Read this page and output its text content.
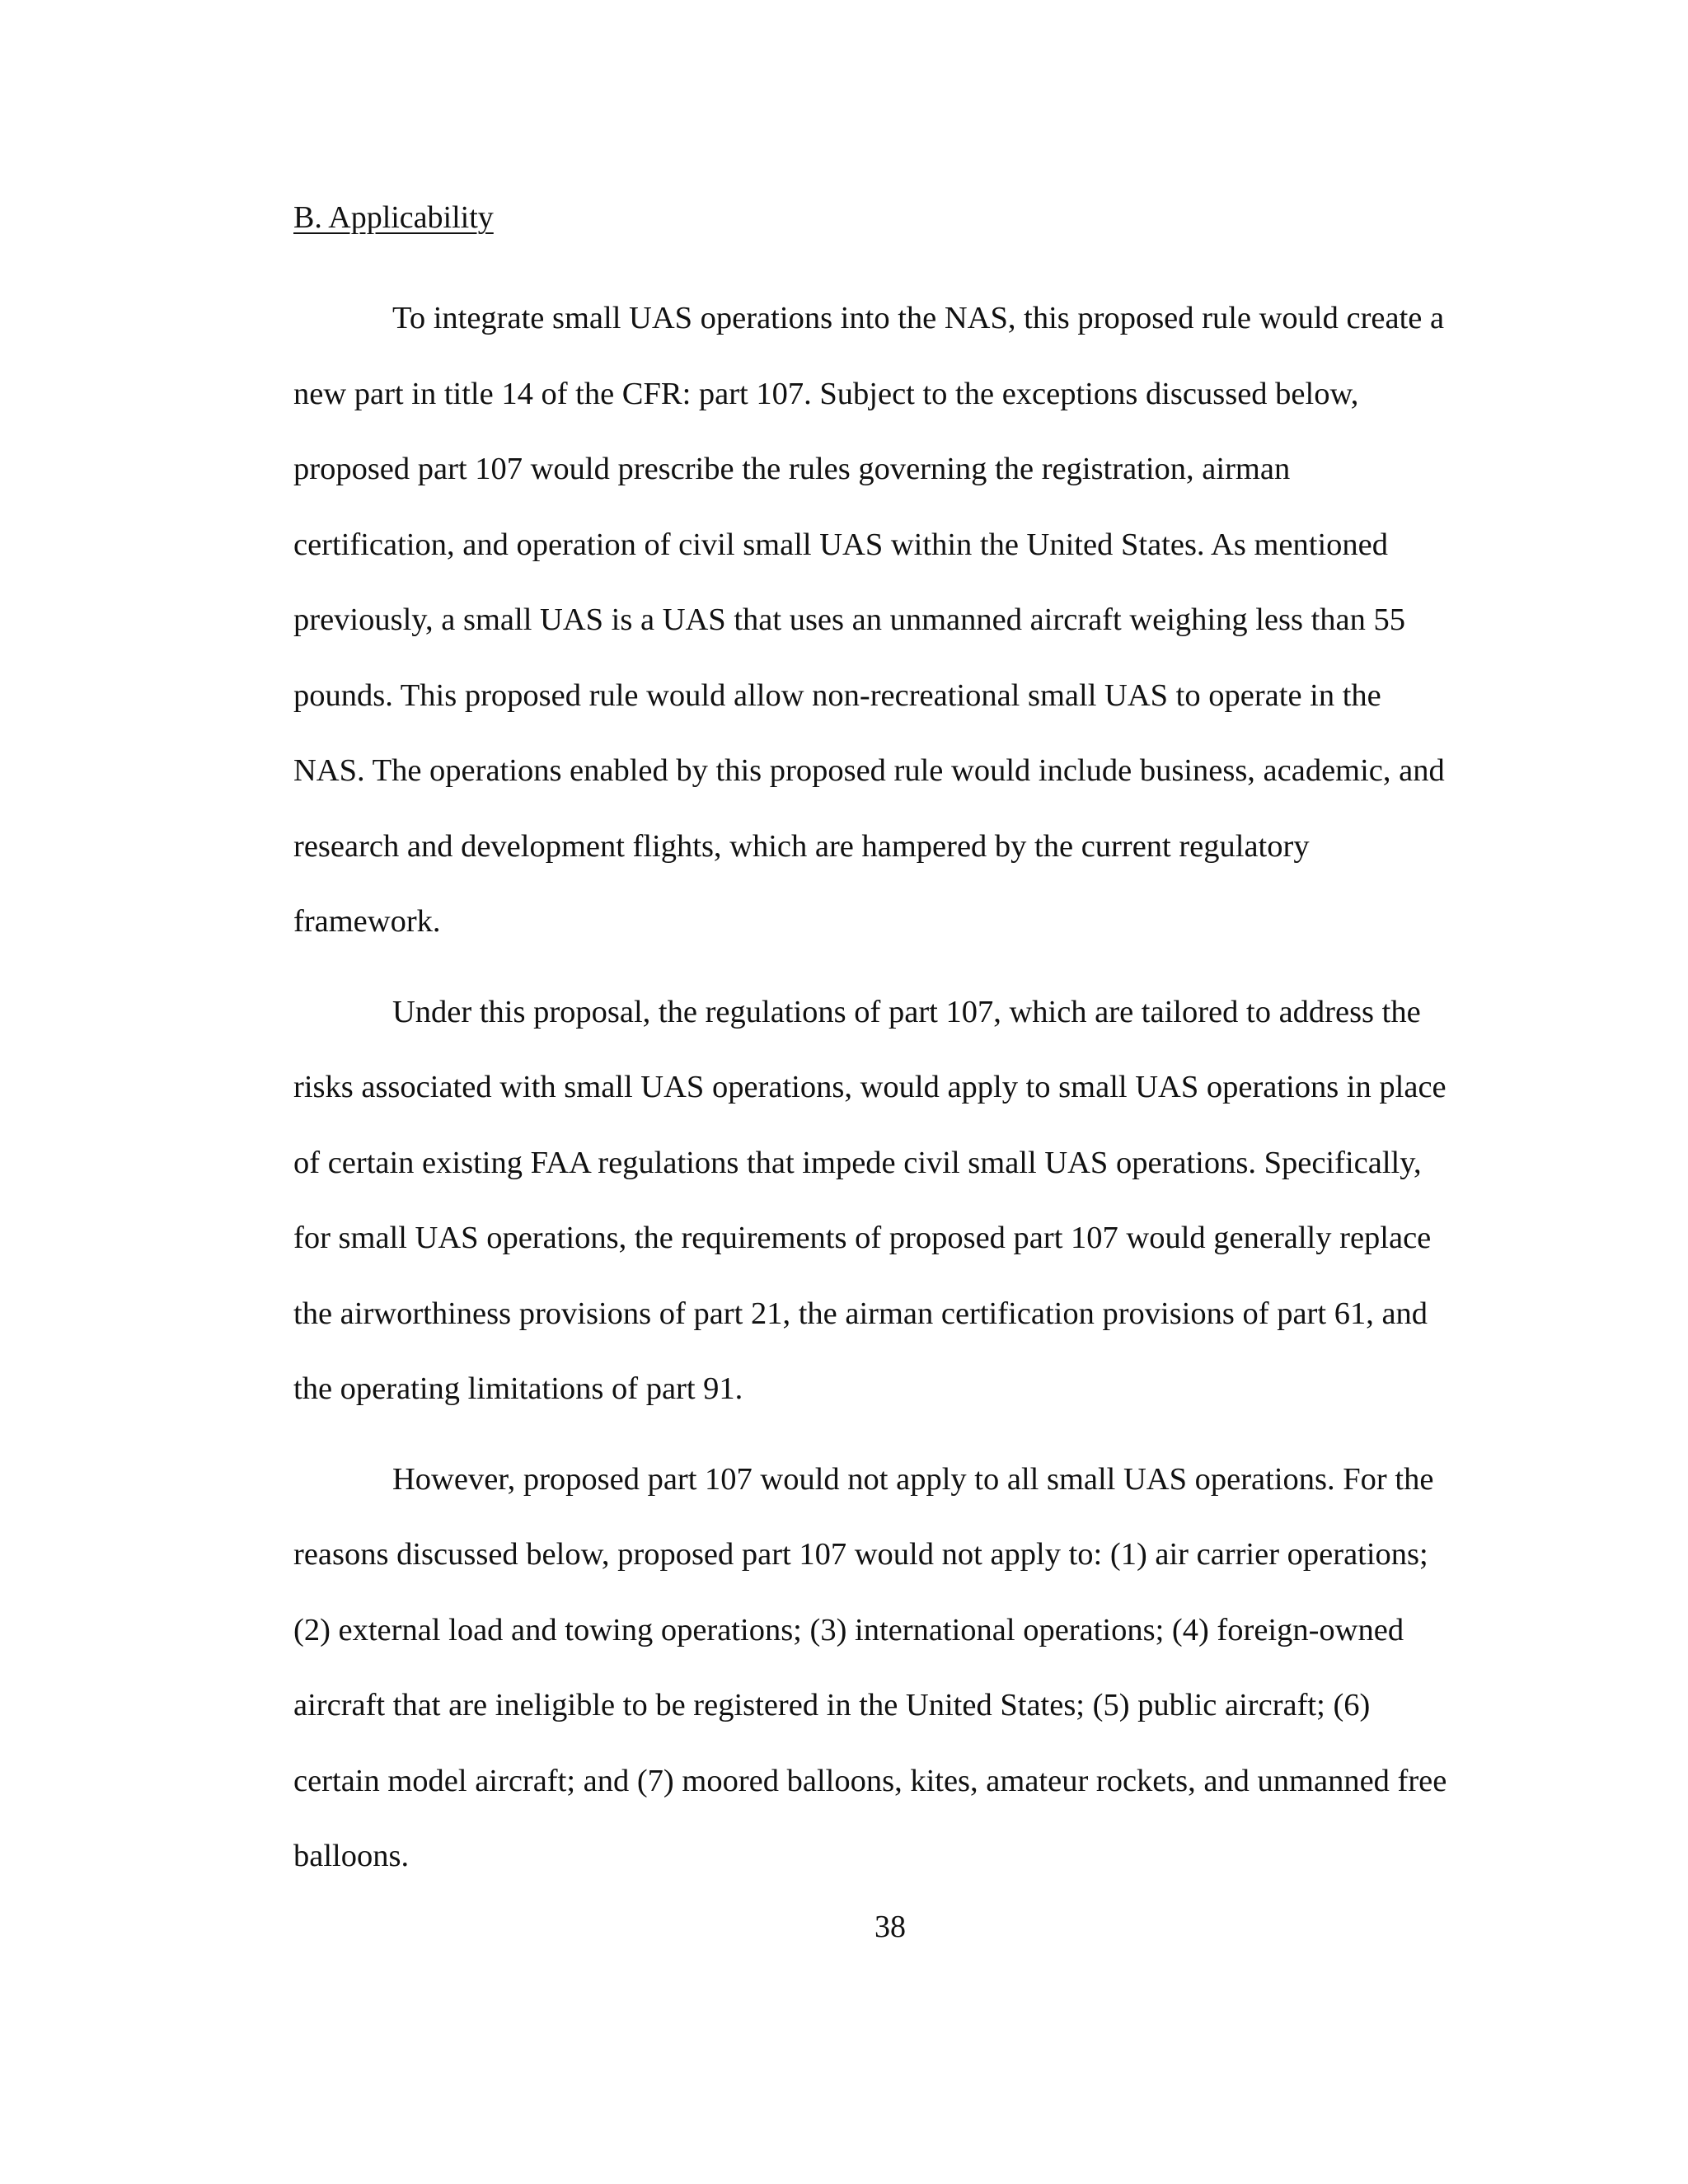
B. Applicability
To integrate small UAS operations into the NAS, this proposed rule would create a
new part in title 14 of the CFR: part 107. Subject to the exceptions discussed below,
proposed part 107 would prescribe the rules governing the registration, airman
certification, and operation of civil small UAS within the United States. As mentioned
previously, a small UAS is a UAS that uses an unmanned aircraft weighing less than 55
pounds. This proposed rule would allow non-recreational small UAS to operate in the
NAS. The operations enabled by this proposed rule would include business, academic, and
research and development flights, which are hampered by the current regulatory
framework.
Under this proposal, the regulations of part 107, which are tailored to address the
risks associated with small UAS operations, would apply to small UAS operations in place
of certain existing FAA regulations that impede civil small UAS operations. Specifically,
for small UAS operations, the requirements of proposed part 107 would generally replace
the airworthiness provisions of part 21, the airman certification provisions of part 61, and
the operating limitations of part 91.
However, proposed part 107 would not apply to all small UAS operations. For the
reasons discussed below, proposed part 107 would not apply to: (1) air carrier operations;
(2) external load and towing operations; (3) international operations; (4) foreign-owned
aircraft that are ineligible to be registered in the United States; (5) public aircraft; (6)
certain model aircraft; and (7) moored balloons, kites, amateur rockets, and unmanned free
balloons.
38
